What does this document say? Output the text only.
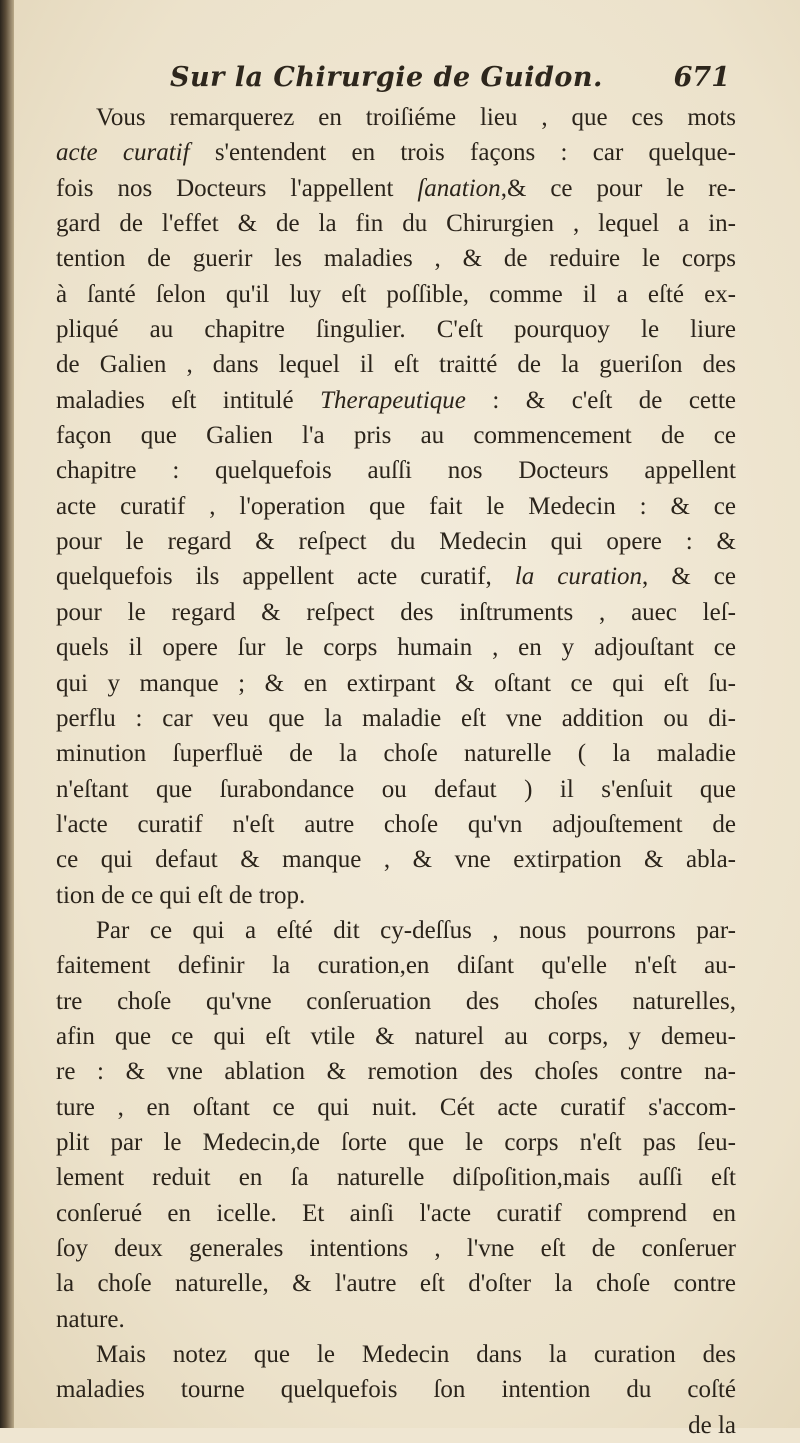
Sur la Chirurgie de Guidon.	671
Vous remarquerez en troiſiéme lieu , que ces mots
acte curatif s'entendent en trois façons : car quelque-
fois nos Docteurs l'appellent ſanation,& ce pour le re-
gard de l'effet & de la fin du Chirurgien , lequel a in-
tention de guerir les maladies , & de reduire le corps
à ſanté ſelon qu'il luy eſt poſſible, comme il a eſté ex-
pliqué au chapitre ſingulier. C'eſt pourquoy le liure
de Galien , dans lequel il eſt traitté de la gueriſon des
maladies eſt intitulé Therapeutique : & c'eſt de cette
façon que Galien l'a pris au commencement de ce
chapitre : quelquefois auſſi nos Docteurs appellent
acte curatif , l'operation que fait le Medecin : & ce
pour le regard & reſpect du Medecin qui opere : &
quelquefois ils appellent acte curatif, la curation, & ce
pour le regard & reſpect des inſtruments , auec leſ-
quels il opere ſur le corps humain , en y adjouſtant ce
qui y manque ; & en extirpant & oſtant ce qui eſt ſu-
perflu : car veu que la maladie eſt vne addition ou di-
minution ſuperfluë de la choſe naturelle ( la maladie
n'eſtant que ſurabondance ou defaut ) il s'enſuit que
l'acte curatif n'eſt autre choſe qu'vn adjouſtement de
ce qui defaut & manque , & vne extirpation & abla-
tion de ce qui eſt de trop.
Par ce qui a eſté dit cy-deſſus , nous pourrons par-
faitement definir la curation,en diſant qu'elle n'eſt au-
tre choſe qu'vne conſeruation des choſes naturelles,
afin que ce qui eſt vtile & naturel au corps, y demeu-
re : & vne ablation & remotion des choſes contre na-
ture , en oſtant ce qui nuit. Cét acte curatif s'accom-
plit par le Medecin,de ſorte que le corps n'eſt pas ſeu-
lement reduit en ſa naturelle diſpoſition,mais auſſi eſt
conſerué en icelle. Et ainſi l'acte curatif comprend en
ſoy deux generales intentions , l'vne eſt de conſeruer
la choſe naturelle, & l'autre eſt d'oſter la choſe contre
nature.
Mais notez que le Medecin dans la curation des
maladies tourne quelquefois ſon intention du coſté
de la
